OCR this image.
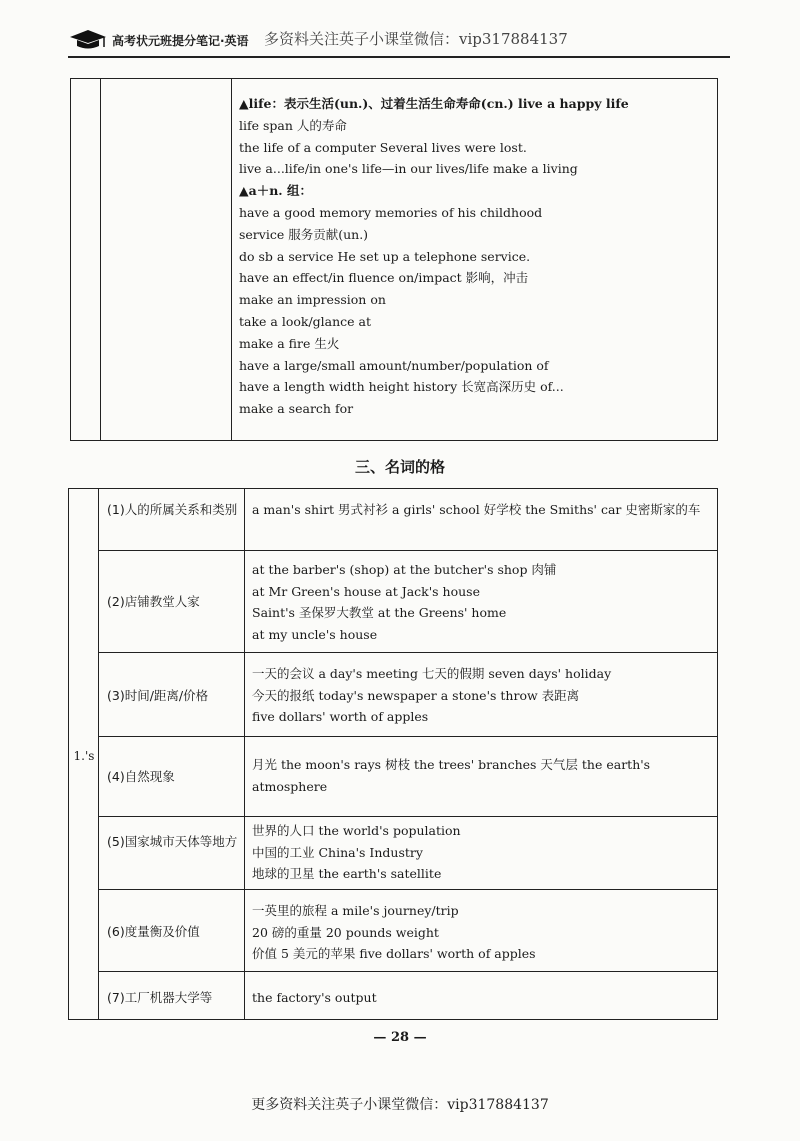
高考状元班提分笔记·英语 多资料关注英子小课堂微信：vip317884137
▲life：表示生活(un.)、过着生活生命寿命(cn.) live a happy life
life span 人的寿命
the life of a computer Several lives were lost.
live a...life/in one's life—in our lives/life make a living
▲a＋n. 组：
have a good memory memories of his childhood
service 服务贡献(un.)
do sb a service He set up a telephone service.
have an effect/in fluence on/impact 影响，冲击
make an impression on
take a look/glance at
make a fire 生火
have a large/small amount/number/population of
have a length width height history 长宽高深历史 of...
make a search for
三、名词的格
1.'s
(1)人的所属关系和类别	a man's shirt 男式衬衫 a girls' school 好学校 the Smiths' car 史密斯家的车
(2)店铺教堂人家
at the barber's (shop) at the butcher's shop 肉铺
at Mr Green's house at Jack's house
Saint's 圣保罗大教堂 at the Greens' home
at my uncle's house
(3)时间/距离/价格
一天的会议 a day's meeting 七天的假期 seven days' holiday
今天的报纸 today's newspaper a stone's throw 表距离
five dollars' worth of apples
(4)自然现象
月光 the moon's rays 树枝 the trees' branches 天气层 the earth's atmosphere
(5)国家城市天体等地方
世界的人口 the world's population
中国的工业 China's Industry
地球的卫星 the earth's satellite
(6)度量衡及价值
一英里的旅程 a mile's journey/trip
20 磅的重量 20 pounds weight
价值 5 美元的苹果 five dollars' worth of apples
(7)工厂机器大学等	the factory's output
— 28 —
更多资料关注英子小课堂微信：vip317884137
